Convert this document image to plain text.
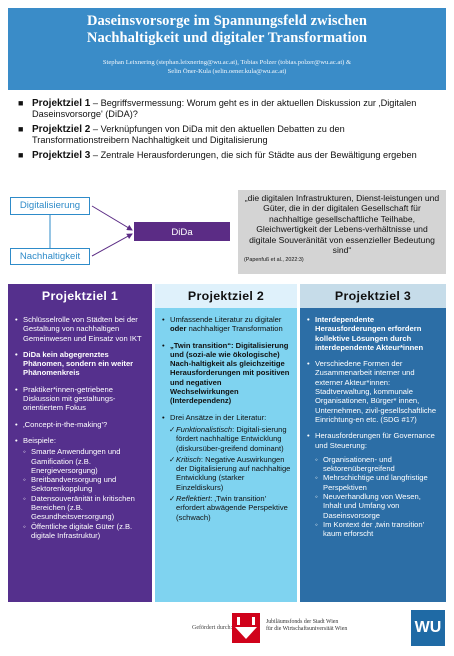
Daseinsvorsorge im Spannungsfeld zwischen
Nachhaltigkeit und digitaler Transformation
Stephan Leixnering (stephan.leixnering@wu.ac.at), Tobias Polzer (tobias.polzer@wu.ac.at) &
Selin Öner-Kula (selin.oener.kula@wu.ac.at)
■ Projektziel 1 – Begriffsvermessung: Worum geht es in der aktuellen Diskussion zur ‚Digitalen Daseinsvorsorge' (DiDA)?
■ Projektziel 2 – Verknüpfungen von DiDa mit den aktuellen Debatten zu den Transformationstreibern Nachhaltigkeit und Digitalisierung
■ Projektziel 3 – Zentrale Herausforderungen, die sich für Städte aus der Bewältigung ergeben
Digitalisierung
DiDa
Nachhaltigkeit

„die digitalen Infrastrukturen, Dienst-leistungen und Güter, die in der digitalen Gesellschaft für nachhaltige gesellschaftliche Teilhabe, Gleichwertigkeit der Lebens-verhältnisse und digitale Souveränität von essenzieller Bedeutung sind“

(Papenfuß et al., 2022:3)
Projektziel 1
• Schlüsselrolle von Städten bei der Gestaltung von nachhaltigen Gemeinwesen und Einsatz von IKT
• DiDa kein abgegrenztes Phänomen, sondern ein weiter Phänomenkreis
• Praktiker*innen-getriebene Diskussion mit gestaltungs-orientiertem Fokus
• ‚Concept-in-the-making'?
• Beispiele:
◦ Smarte Anwendungen und Gamification (z.B. Energieversorgung)
◦ Breitbandversorgung und Sektorenkopplung
◦ Datensouveränität in kritischen Bereichen (z.B. Gesundheitsversorgung)
◦ Öffentliche digitale Güter (z.B. digitale Infrastruktur)
Projektziel 2
• Umfassende Literatur zu digitaler oder nachhaltiger Transformation
• „Twin transition“: Digitalisierung und (sozi-ale wie ökologische) Nach-haltigkeit als gleichzeitige Herausforderungen mit positiven und negativen Wechselwirkungen (Interdependenz)
• Drei Ansätze in der Literatur:
✓ Funktionalistisch: Digitali-sierung fördert nachhaltige Entwicklung (diskursüber-greifend dominant)
✓ Kritisch: Negative Auswirkungen der Digitalisierung auf nachhaltige Entwicklung (starker Einzeldiskurs)
✓ Reflektiert: ‚Twin transition' erfordert abwägende Perspektive (schwach)
Projektziel 3
• Interdependente Herausforderungen erfordern kollektive Lösungen durch interdependente Akteur*innen
• Verschiedene Formen der Zusammenarbeit interner und externer Akteur*innen: Stadtverwaltung, kommunale Organisationen, Bürger* innen, Unternehmen, zivil-gesellschaftliche Einrichtung-en etc. (SDG #17)
• Herausforderungen für Governance und Steuerung:
◦ Organisationen- und sektorenübergreifend
◦ Mehrschichtige und langfristige Perspektiven
◦ Neuverhandlung von Wesen, Inhalt und Umfang von Daseinsvorsorge
◦ Im Kontext der ‚twin transition' kaum erforscht
Gefördert durch:
Jubiläumsfonds der Stadt Wien
für die Wirtschaftsuniversität Wien	WU
